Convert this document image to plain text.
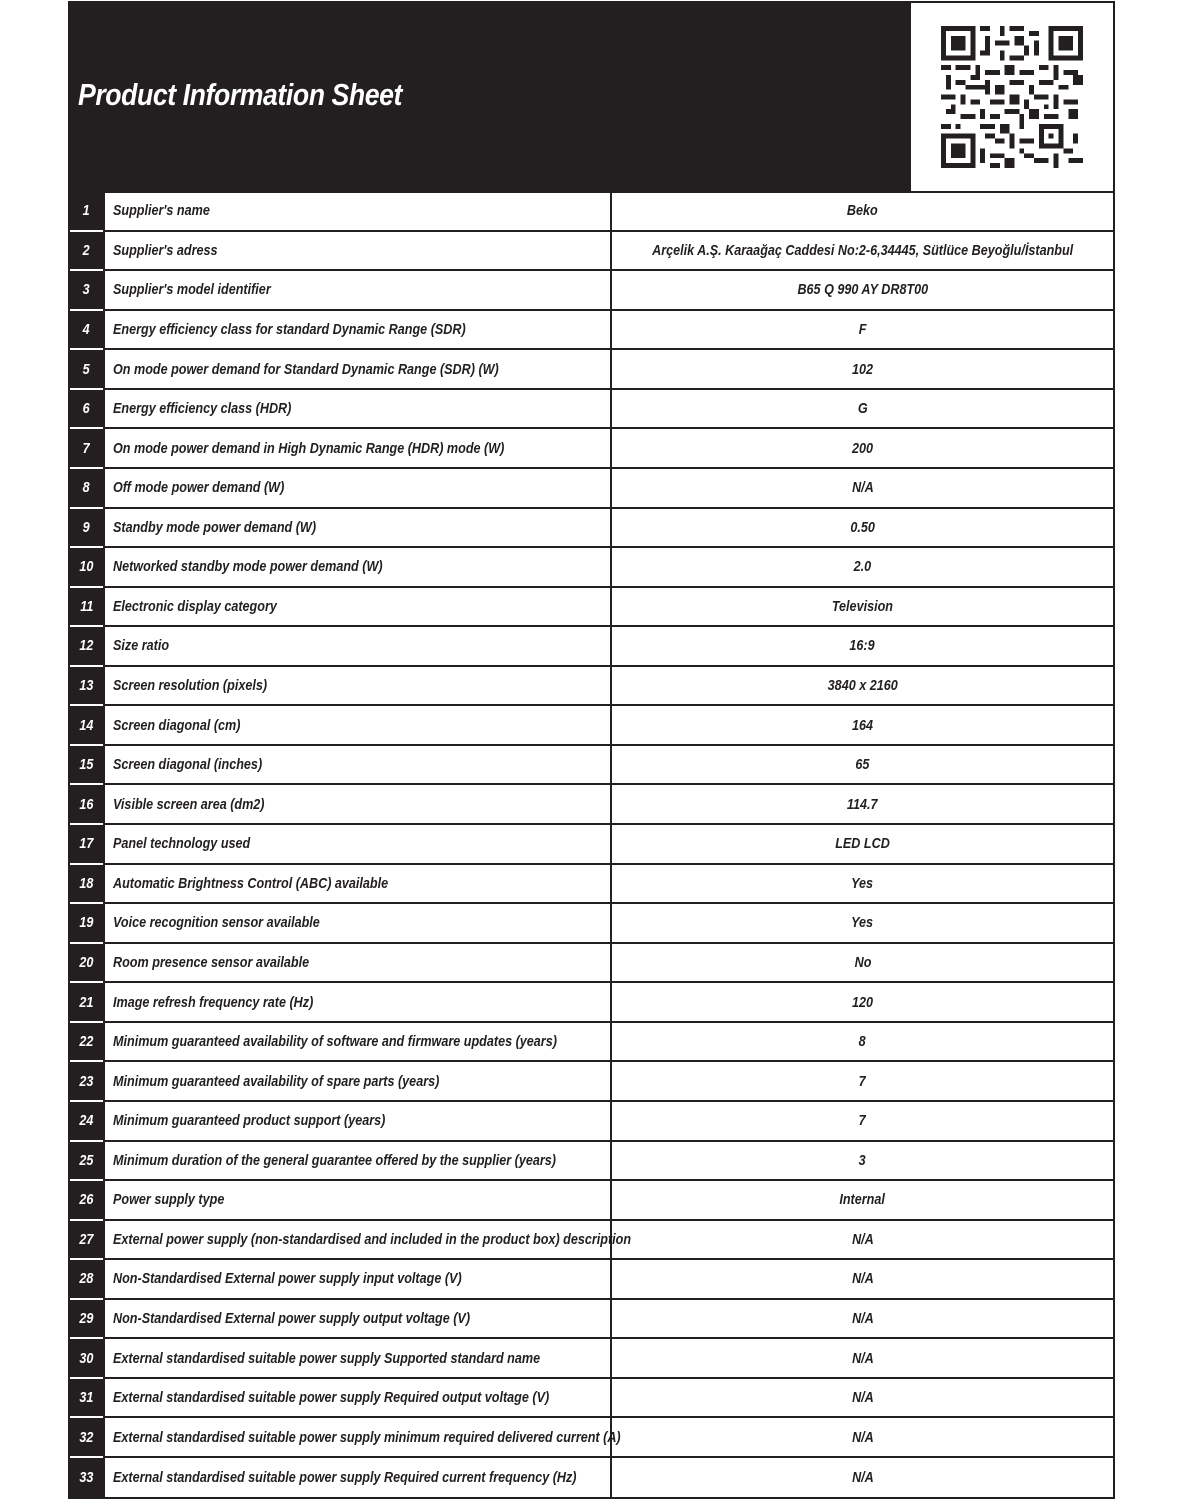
Product Information Sheet
1	Supplier's name	Beko
2	Supplier's adress	Arçelik A.Ş. Karaağaç Caddesi No:2-6,34445, Sütlüce Beyoğlu/İstanbul
3	Supplier's model identifier	B65 Q 990 AY DR8T00
4	Energy efficiency class for standard Dynamic Range (SDR)	F
5	On mode power demand for Standard Dynamic Range (SDR) (W)	102
6	Energy efficiency class (HDR)	G
7	On mode power demand in High Dynamic Range (HDR) mode (W)	200
8	Off mode power demand (W)	N/A
9	Standby mode power demand (W)	0.50
10	Networked standby mode power demand (W)	2.0
11	Electronic display category	Television
12	Size ratio	16:9
13	Screen resolution (pixels)	3840 x 2160
14	Screen diagonal (cm)	164
15	Screen diagonal (inches)	65
16	Visible screen area (dm2)	114.7
17	Panel technology used	LED LCD
18	Automatic Brightness Control (ABC) available	Yes
19	Voice recognition sensor available	Yes
20	Room presence sensor available	No
21	Image refresh frequency rate (Hz)	120
22	Minimum guaranteed availability of software and firmware updates (years)	8
23	Minimum guaranteed availability of spare parts (years)	7
24	Minimum guaranteed product support (years)	7
25	Minimum duration of the general guarantee offered by the supplier (years)	3
26	Power supply type	Internal
27	External power supply (non-standardised and included in the product box) description	N/A
28	Non-Standardised External power supply input voltage (V)	N/A
29	Non-Standardised External power supply output voltage (V)	N/A
30	External standardised suitable power supply Supported standard name	N/A
31	External standardised suitable power supply Required output voltage (V)	N/A
32	External standardised suitable power supply minimum required delivered current (A)	N/A
33	External standardised suitable power supply Required current frequency (Hz)	N/A
